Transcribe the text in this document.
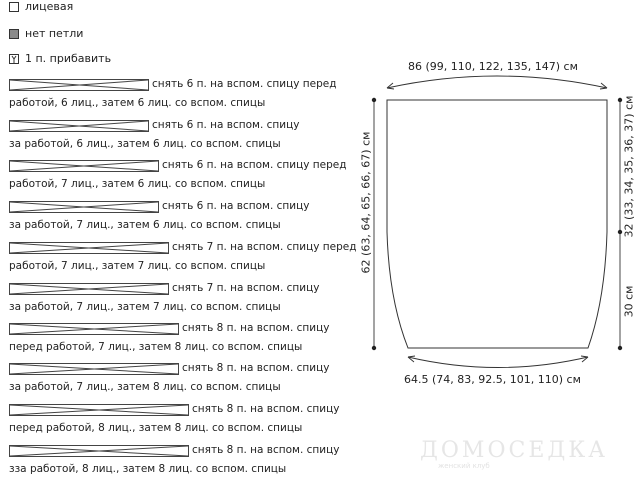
лицевая
нет петли
1 п. прибавить
снять 6 п. на вспом. спицу перед
работой, 6 лиц., затем 6 лиц. со вспом. спицы
снять 6 п. на вспом. спицу
за работой, 6 лиц., затем 6 лиц. со вспом. спицы
снять 6 п. на вспом. спицу перед
работой, 7 лиц., затем 6 лиц. со вспом. спицы
снять 6 п. на вспом. спицу
за работой, 7 лиц., затем 6 лиц. со вспом. спицы
снять 7 п. на вспом. спицу перед
работой, 7 лиц., затем 7 лиц. со вспом. спицы
снять 7 п. на вспом. спицу
за работой, 7 лиц., затем 7 лиц. со вспом. спицы
снять 8 п. на вспом. спицу
перед работой, 7 лиц., затем 8 лиц. со вспом. спицы
снять 8 п. на вспом. спицу
за работой, 7 лиц., затем 8 лиц. со вспом. спицы
снять 8 п. на вспом. спицу
перед работой, 8 лиц., затем 8 лиц. со вспом. спицы
снять 8 п. на вспом. спицу
зза работой, 8 лиц., затем 8 лиц. со вспом. спицы
86 (99, 110, 122, 135, 147) см
64.5 (74, 83, 92.5, 101, 110) см
62 (63, 64, 65, 66, 67) см	32 (33, 34, 35, 36, 37) см
30 см
ДОМОСЕДКА
женский клуб
